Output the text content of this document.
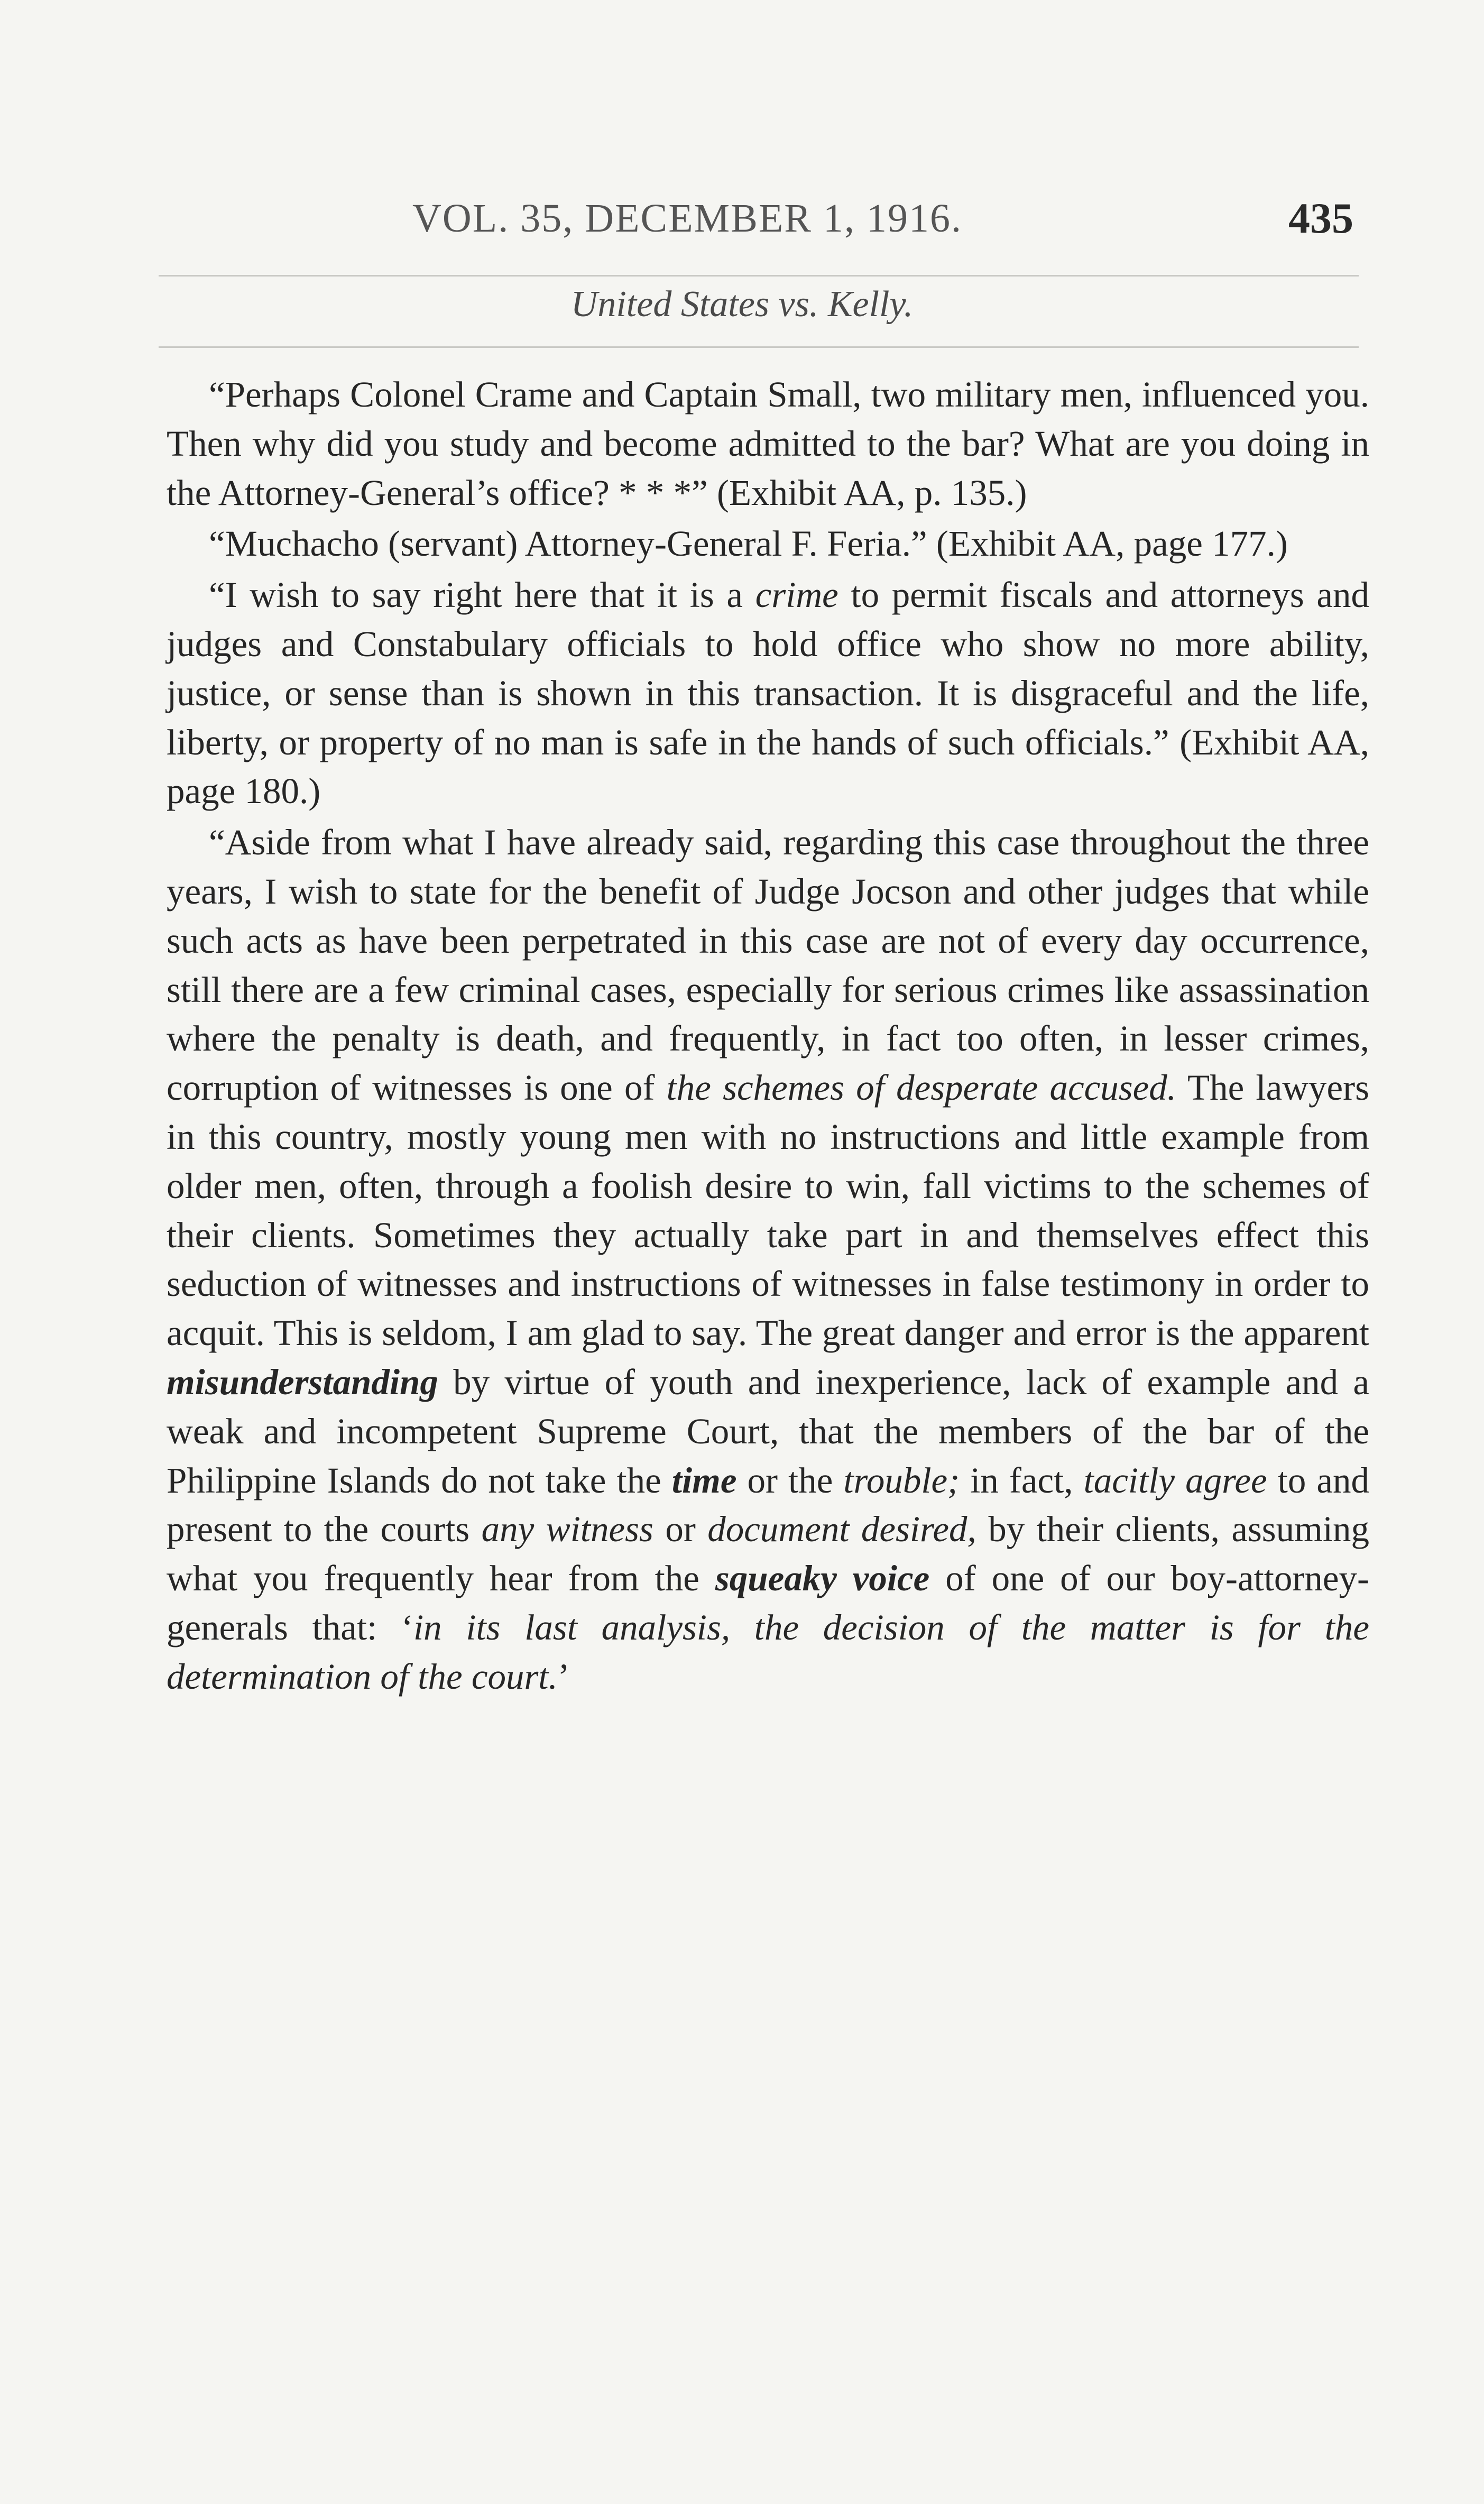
VOL. 35, DECEMBER 1, 1916.	435
United States vs. Kelly.

“Perhaps Colonel Crame and Captain Small, two military men, influenced you. Then why did you study and become admitted to the bar? What are you doing in the Attorney-General’s office? * * *” (Exhibit AA, p. 135.)

“Muchacho (servant) Attorney-General F. Feria.” (Exhibit AA, page 177.)

“I wish to say right here that it is a crime to permit fiscals and attorneys and judges and Constabulary officials to hold office who show no more ability, justice, or sense than is shown in this transaction. It is disgraceful and the life, liberty, or property of no man is safe in the hands of such officials.” (Exhibit AA, page 180.)

“Aside from what I have already said, regarding this case throughout the three years, I wish to state for the benefit of Judge Jocson and other judges that while such acts as have been perpetrated in this case are not of every day occurrence, still there are a few criminal cases, especially for serious crimes like assassination where the penalty is death, and frequently, in fact too often, in lesser crimes, corruption of witnesses is one of the schemes of desperate accused. The lawyers in this country, mostly young men with no instructions and little example from older men, often, through a foolish desire to win, fall victims to the schemes of their clients. Sometimes they actually take part in and themselves effect this seduction of witnesses and instructions of witnesses in false testimony in order to acquit. This is seldom, I am glad to say. The great danger and error is the apparent misunderstanding by virtue of youth and inexperience, lack of example and a weak and incompetent Supreme Court, that the members of the bar of the Philippine Islands do not take the time or the trouble; in fact, tacitly agree to and present to the courts any witness or document desired, by their clients, assuming what you frequently hear from the squeaky voice of one of our boy-attorney-generals that: ‘in its last analysis, the decision of the matter is for the determination of the court.’
